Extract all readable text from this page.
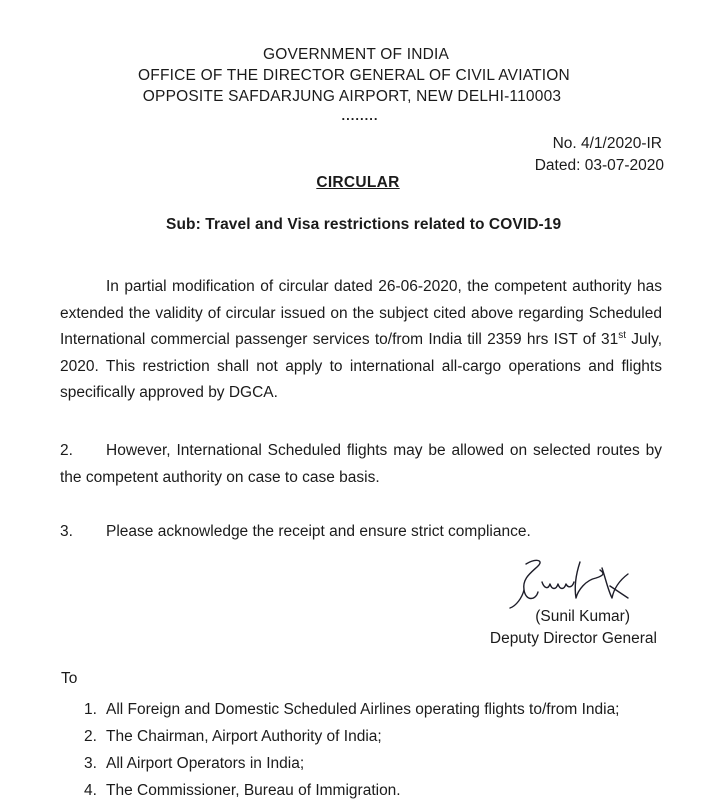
GOVERNMENT OF INDIA
OFFICE OF THE DIRECTOR GENERAL OF CIVIL AVIATION
OPPOSITE SAFDARJUNG AIRPORT, NEW DELHI-110003
........
No. 4/1/2020-IR
Dated: 03-07-2020
CIRCULAR
Sub: Travel and Visa restrictions related to COVID-19
In partial modification of circular dated 26-06-2020, the competent authority has extended the validity of circular issued on the subject cited above regarding Scheduled International commercial passenger services to/from India till 2359 hrs IST of 31st July, 2020. This restriction shall not apply to international all-cargo operations and flights specifically approved by DGCA.
2. However, International Scheduled flights may be allowed on selected routes by the competent authority on case to case basis.
3. Please acknowledge the receipt and ensure strict compliance.
(Sunil Kumar)
Deputy Director General
To
1. All Foreign and Domestic Scheduled Airlines operating flights to/from India;
2. The Chairman, Airport Authority of India;
3. All Airport Operators in India;
4. The Commissioner, Bureau of Immigration.
